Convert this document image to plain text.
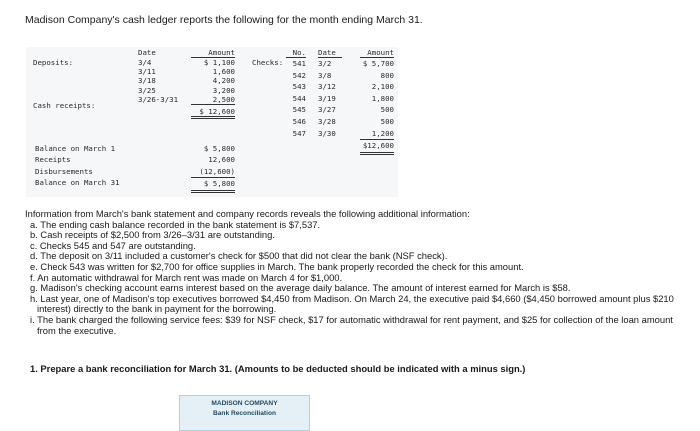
Madison Company's cash ledger reports the following for the month ending March 31.
Deposits:
Cash receipts:
Date
3/4
3/11
3/18
3/25
3/26-3/31
Amount
$ 1,100
1,600
4,200
3,200
2,500
$ 12,600
Checks:
No.
541
542
543
544
545
546
547
Date
3/2
3/8
3/12
3/19
3/27
3/28
3/30
Amount
$ 5,700
800
2,100
1,800
500
500
1,200
$12,600
Balance on March 1
Receipts
Disbursements
Balance on March 31
$ 5,800
12,600
(12,600)
$ 5,800

Information from March's bank statement and company records reveals the following additional information:

a. The ending cash balance recorded in the bank statement is $7,537.

b. Cash receipts of $2,500 from 3/26–3/31 are outstanding.

c. Checks 545 and 547 are outstanding.

d. The deposit on 3/11 included a customer's check for $500 that did not clear the bank (NSF check).

e. Check 543 was written for $2,700 for office supplies in March. The bank properly recorded the check for this amount.

f. An automatic withdrawal for March rent was made on March 4 for $1,000.

g. Madison's checking account earns interest based on the average daily balance. The amount of interest earned for March is $58.

h. Last year, one of Madison's top executives borrowed $4,450 from Madison. On March 24, the executive paid $4,660 ($4,450 borrowed amount plus $210 interest) directly to the bank in payment for the borrowing.

i. The bank charged the following service fees: $39 for NSF check, $17 for automatic withdrawal for rent payment, and $25 for collection of the loan amount from the executive.

1. Prepare a bank reconciliation for March 31. (Amounts to be deducted should be indicated with a minus sign.)
MADISON COMPANY
Bank Reconciliation
